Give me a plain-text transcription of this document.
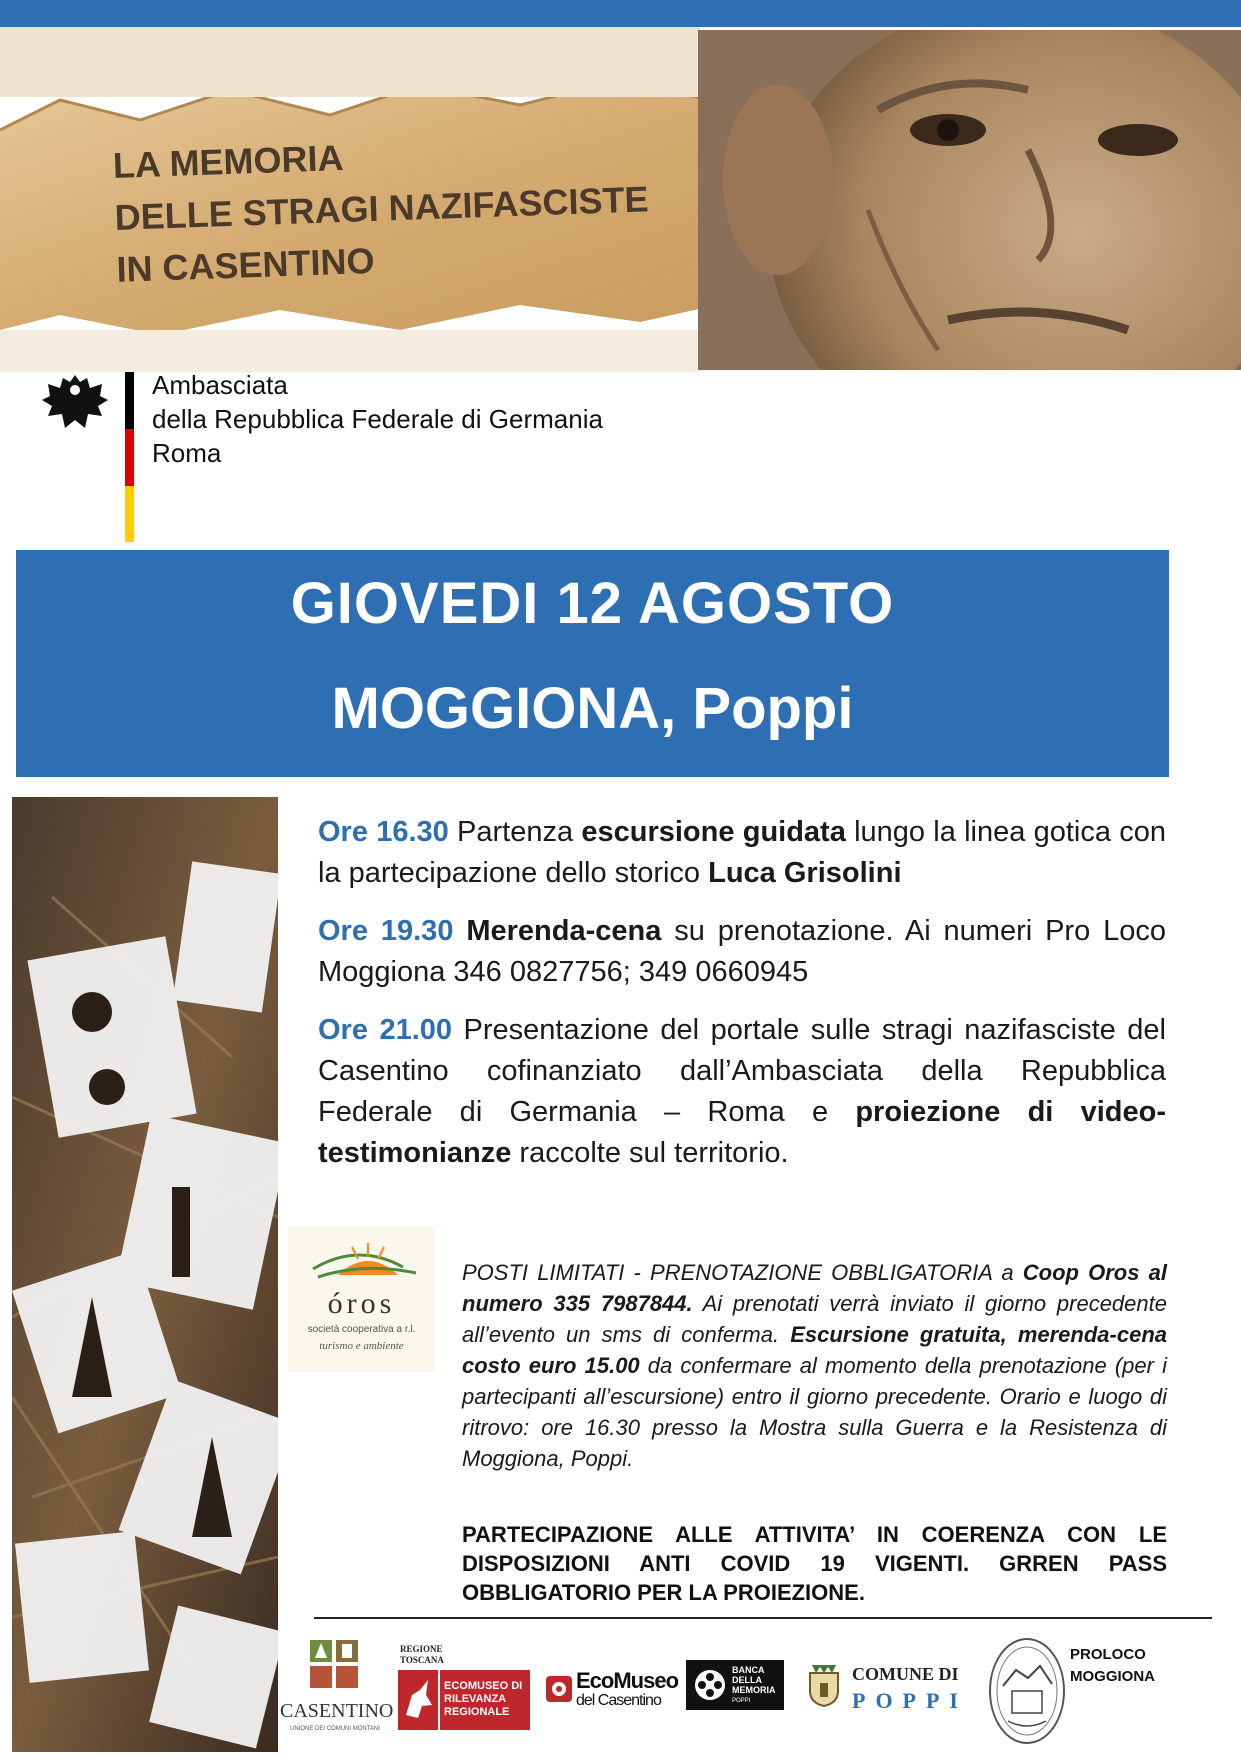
LA MEMORIA
DELLE STRAGI NAZIFASCISTE
IN CASENTINO
Ambasciata
della Repubblica Federale di Germania
Roma
GIOVEDI 12 AGOSTO
MOGGIONA, Poppi

Ore 16.30 Partenza escursione guidata lungo la linea gotica con la partecipazione dello storico Luca Grisolini

Ore 19.30 Merenda-cena su prenotazione. Ai numeri Pro Loco Moggiona 346 0827756; 349 0660945

Ore 21.00 Presentazione del portale sulle stragi nazifasciste del Casentino cofinanziato dall’Ambasciata della Repubblica Federale di Germania – Roma e proiezione di video-testimonianze raccolte sul territorio.

óros
società cooperativa a r.l.
turismo e ambiente
POSTI LIMITATI - PRENOTAZIONE OBBLIGATORIA a Coop Oros al numero 335 7987844. Ai prenotati verrà inviato il giorno precedente all’evento un sms di conferma. Escursione gratuita, merenda-cena costo euro 15.00 da confermare al momento della prenotazione (per i partecipanti all’escursione) entro il giorno precedente. Orario e luogo di ritrovo: ore 16.30 presso la Mostra sulla Guerra e la Resistenza di Moggiona, Poppi.
PARTECIPAZIONE ALLE ATTIVITA’ IN COERENZA CON LE DISPOSIZIONI ANTI COVID 19 VIGENTI. GRREN PASS OBBLIGATORIO PER LA PROIEZIONE.
CASENTINO
UNIONE DEI COMUNI MONTANI
REGIONE TOSCANA
ECOMUSEO DI RILEVANZA REGIONALE
EcoMuseo
del Casentino
BANCA DELLA MEMORIA
POPPI
COMUNE DI
POPPI
PROLOCO MOGGIONA
